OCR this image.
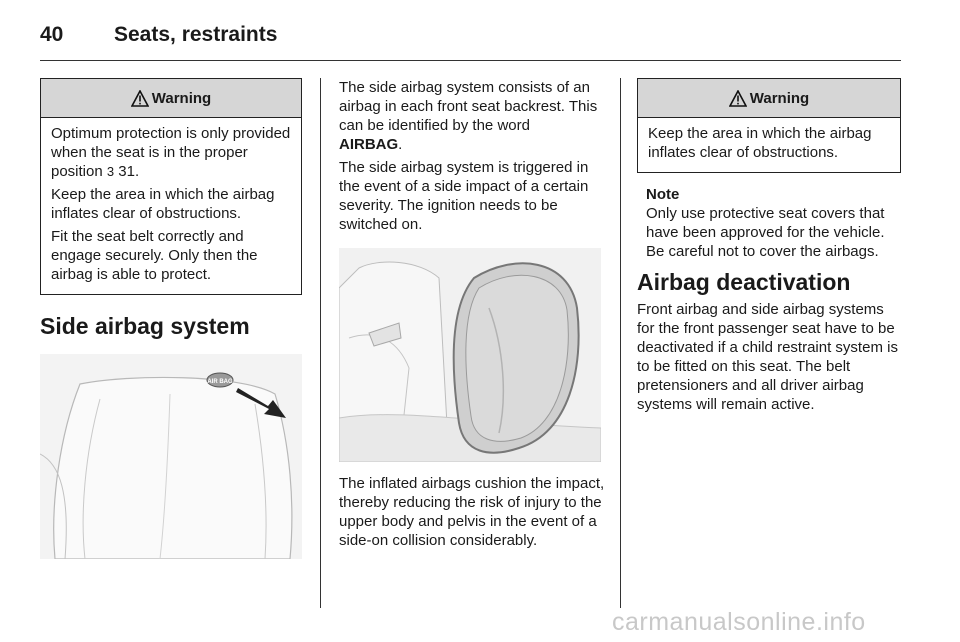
40	Seats, restraints
Warning

Optimum protection is only provided when the seat is in the proper position 3 31.

Keep the area in which the airbag inflates clear of obstructions.

Fit the seat belt correctly and engage securely. Only then the airbag is able to protect.

Side airbag system
AIR BAG

The side airbag system consists of an airbag in each front seat backrest. This can be identified by the word
AIRBAG.

The side airbag system is triggered in the event of a side impact of a certain severity. The ignition needs to be switched on.

The inflated airbags cushion the impact, thereby reducing the risk of injury to the upper body and pelvis in the event of a side-on collision considerably.

Warning

Keep the area in which the airbag inflates clear of obstructions.

Note

Only use protective seat covers that have been approved for the vehicle. Be careful not to cover the airbags.

Airbag deactivation

Front airbag and side airbag systems for the front passenger seat have to be deactivated if a child restraint system is to be fitted on this seat. The belt pretensioners and all driver airbag systems will remain active.

carmanualsonline.info
